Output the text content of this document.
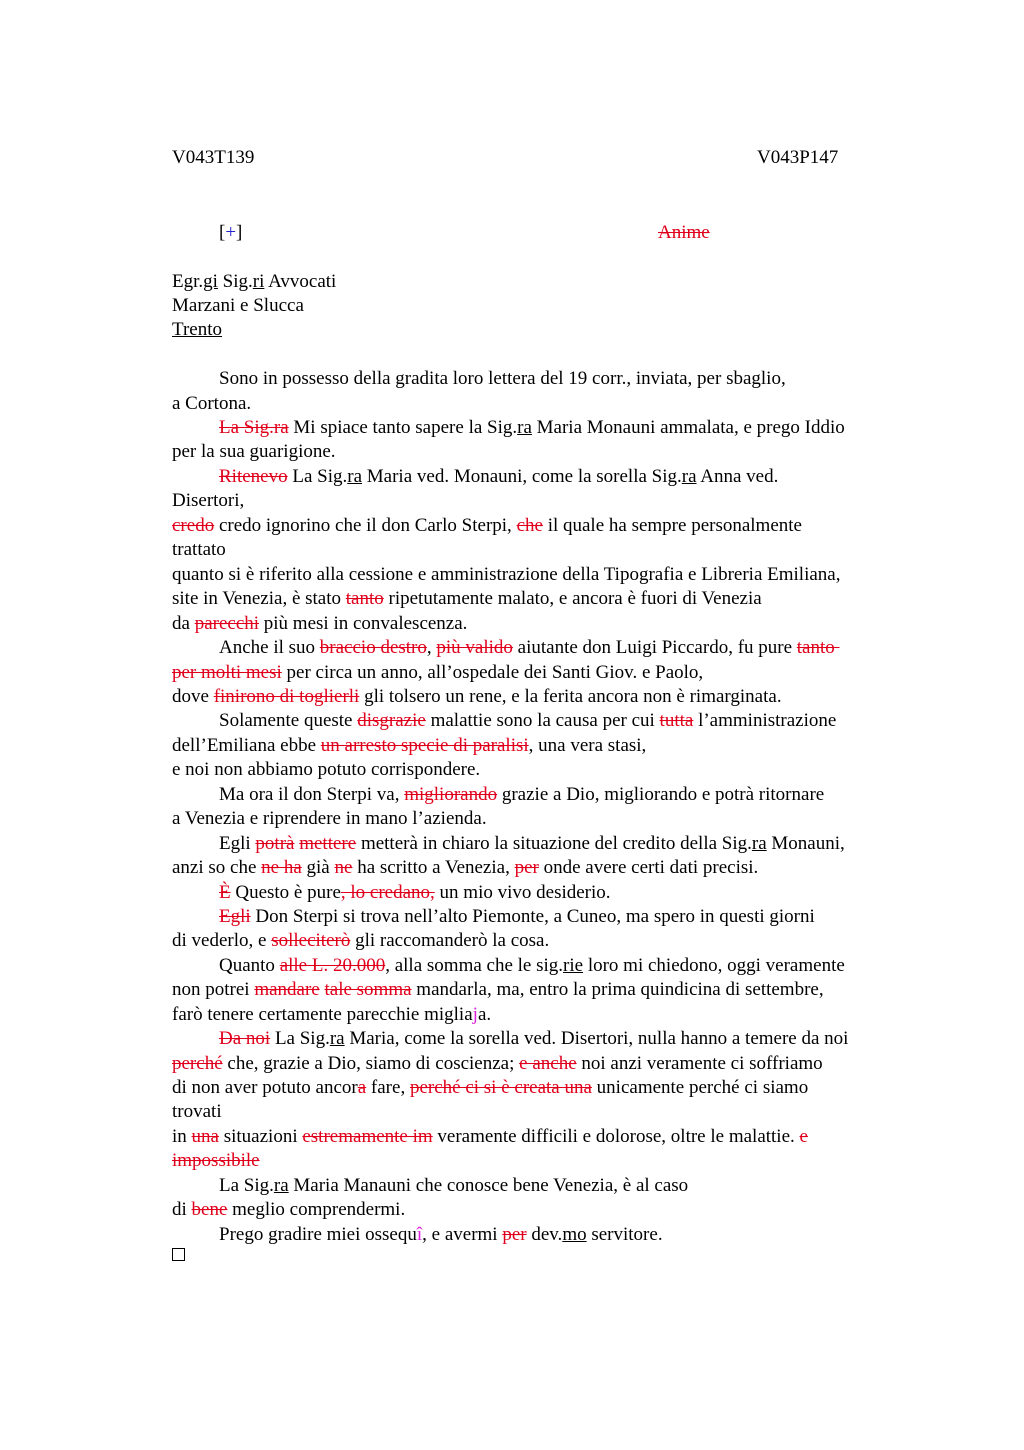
V043T139	V043P147
[+]	Anime
Egr.gi Sig.ri Avvocati
Marzani e Slucca
Trento
Sono in possesso della gradita loro lettera del 19 corr., inviata, per sbaglio,
a Cortona.
La Sig.ra Mi spiace tanto sapere la Sig.ra Maria Monauni ammalata, e prego Iddio
per la sua guarigione.
Ritenevo La Sig.ra Maria ved. Monauni, come la sorella Sig.ra Anna ved.
Disertori,
credo credo ignorino che il don Carlo Sterpi, che il quale ha sempre personalmente
trattato
quanto si è riferito alla cessione e amministrazione della Tipografia e Libreria Emiliana,
site in Venezia, è stato tanto ripetutamente malato, e ancora è fuori di Venezia
da parecchi più mesi in convalescenza.
Anche il suo braccio destro, più valido aiutante don Luigi Piccardo, fu pure tanto
per molti mesi per circa un anno, all’ospedale dei Santi Giov. e Paolo,
dove finirono di toglierli gli tolsero un rene, e la ferita ancora non è rimarginata.
Solamente queste disgrazie malattie sono la causa per cui tutta l’amministrazione
dell’Emiliana ebbe un arresto specie di paralisi, una vera stasi,
e noi non abbiamo potuto corrispondere.
Ma ora il don Sterpi va, migliorando grazie a Dio, migliorando e potrà ritornare
a Venezia e riprendere in mano l’azienda.
Egli potrà mettere metterà in chiaro la situazione del credito della Sig.ra Monauni,
anzi so che ne ha già ne ha scritto a Venezia, per onde avere certi dati precisi.
È Questo è pure, lo credano, un mio vivo desiderio.
Egli Don Sterpi si trova nell’alto Piemonte, a Cuneo, ma spero in questi giorni
di vederlo, e solleciterò gli raccomanderò la cosa.
Quanto alle L. 20.000, alla somma che le sig.rie loro mi chiedono, oggi veramente
non potrei mandare tale somma mandarla, ma, entro la prima quindicina di settembre,
farò tenere certamente parecchie migliaja.
Da noi La Sig.ra Maria, come la sorella ved. Disertori, nulla hanno a temere da noi
perché che, grazie a Dio, siamo di coscienza; e anche noi anzi veramente ci soffriamo
di non aver potuto ancora fare, perché ci si è creata una unicamente perché ci siamo
trovati
in una situazioni estremamente im veramente difficili e dolorose, oltre le malattie. e
impossibile
La Sig.ra Maria Manauni che conosce bene Venezia, è al caso
di bene meglio comprendermi.
Prego gradire miei ossequî, e avermi per dev.mo servitore.
